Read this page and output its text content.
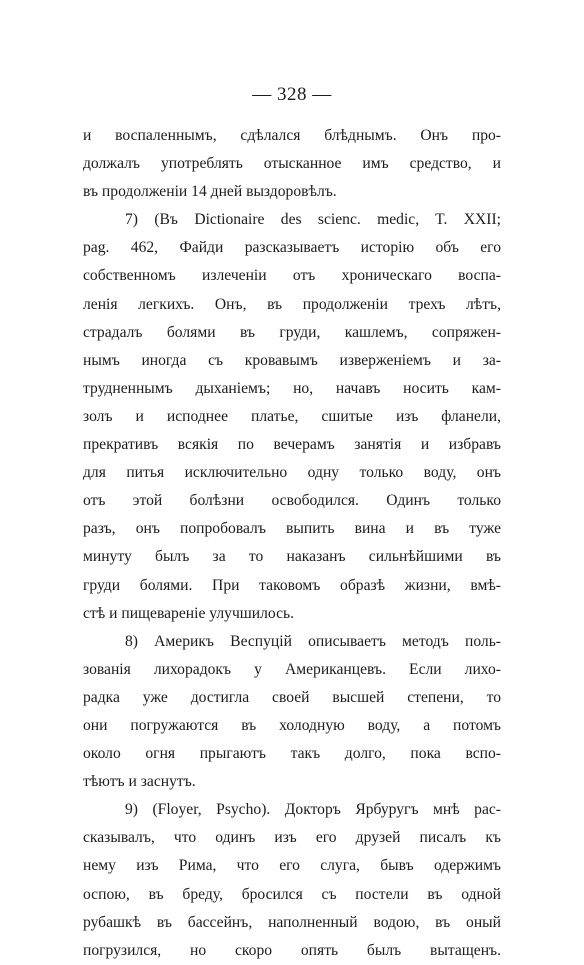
— 328 —
и воспаленнымъ, сдѣлался блѣднымъ. Онъ про-
должалъ употреблять отысканное имъ средство, и
въ продолженіи 14 дней выздоровѣлъ.
7) (Въ Dictionaire des scienc. medic, T. XXII;
pag. 462, Файди разсказываетъ исторію объ его
собственномъ излеченіи отъ хроническаго воспа-
ленія легкихъ. Онъ, въ продолженіи трехъ лѣтъ,
страдалъ болями въ груди, кашлемъ, сопряжен-
нымъ иногда съ кровавымъ изверженіемъ и за-
трудненнымъ дыханіемъ; но, начавъ носить кам-
золъ и исподнее платье, сшитые изъ фланели,
прекративъ всякія по вечерамъ занятія и избравъ
для питья исключительно одну только воду, онъ
отъ этой болѣзни освободился. Одинъ только
разъ, онъ попробовалъ выпить вина и въ туже
минуту былъ за то наказанъ сильнѣйшими въ
груди болями. При таковомъ образѣ жизни, вмѣ-
стѣ и пищевареніе улучшилось.
8) Америкъ Веспуцій описываетъ методъ поль-
зованія лихорадокъ у Американцевъ. Если лихо-
радка уже достигла своей высшей степени, то
они погружаются въ холодную воду, а потомъ
около огня прыгаютъ такъ долго, пока вспо-
тѣютъ и заснутъ.
9) (Floyer, Psycho). Докторъ Ярбуругъ мнѣ рас-
сказывалъ, что одинъ изъ его друзей писалъ къ
нему изъ Рима, что его слуга, бывъ одержимъ
оспою, въ бреду, бросился съ постели въ одной
рубашкѣ въ бассейнъ, наполненный водою, въ оный
погрузился, но скоро опять былъ вытащенъ.
